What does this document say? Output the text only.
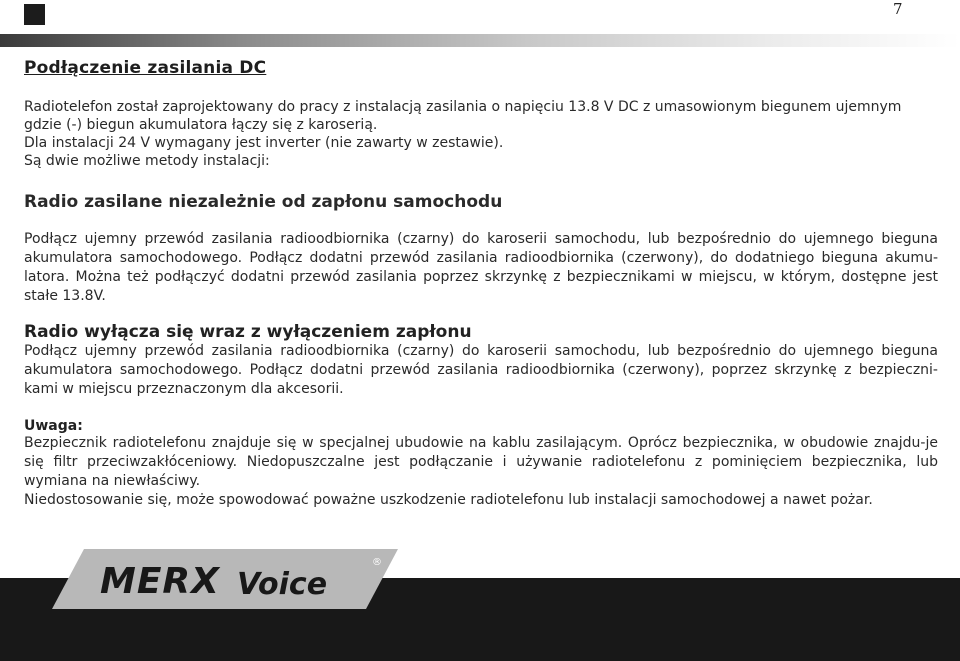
7
Podłączenie zasilania DC

Radiotelefon został zaprojektowany do pracy z instalacją zasilania o napięciu 13.8 V DC z umasowionym biegunem ujemnym

gdzie (-) biegun akumulatora łączy się z karoserią.

Dla instalacji 24 V wymagany jest inverter (nie zawarty w zestawie).

Są dwie możliwe metody instalacji:

Radio zasilane niezależnie od zapłonu samochodu

Podłącz ujemny przewód zasilania radioodbiornika (czarny) do karoserii samochodu, lub bezpośrednio do ujemnego bieguna akumulatora samochodowego. Podłącz dodatni przewód zasilania radioodbiornika (czerwony), do dodatniego bieguna akumu-latora. Można też podłączyć dodatni przewód zasilania poprzez skrzynkę z bezpiecznikami w miejscu, w którym, dostępne jest stałe 13.8V.

Radio wyłącza się wraz z wyłączeniem zapłonu

Podłącz ujemny przewód zasilania radioodbiornika (czarny) do karoserii samochodu, lub bezpośrednio do ujemnego bieguna akumulatora samochodowego. Podłącz dodatni przewód zasilania radioodbiornika (czerwony), poprzez skrzynkę z bezpieczni-kami w miejscu przeznaczonym dla akcesorii.

Uwaga:

Bezpiecznik radiotelefonu znajduje się w specjalnej ubudowie na kablu zasilającym. Oprócz bezpiecznika, w obudowie znajdu-je się filtr przeciwzakłóceniowy. Niedopuszczalne jest podłączanie i używanie radiotelefonu z pominięciem bezpiecznika, lub wymiana na niewłaściwy.

Niedostosowanie się, może spowodować poważne uszkodzenie radiotelefonu lub instalacji samochodowej a nawet pożar.

MERX Voice
®
